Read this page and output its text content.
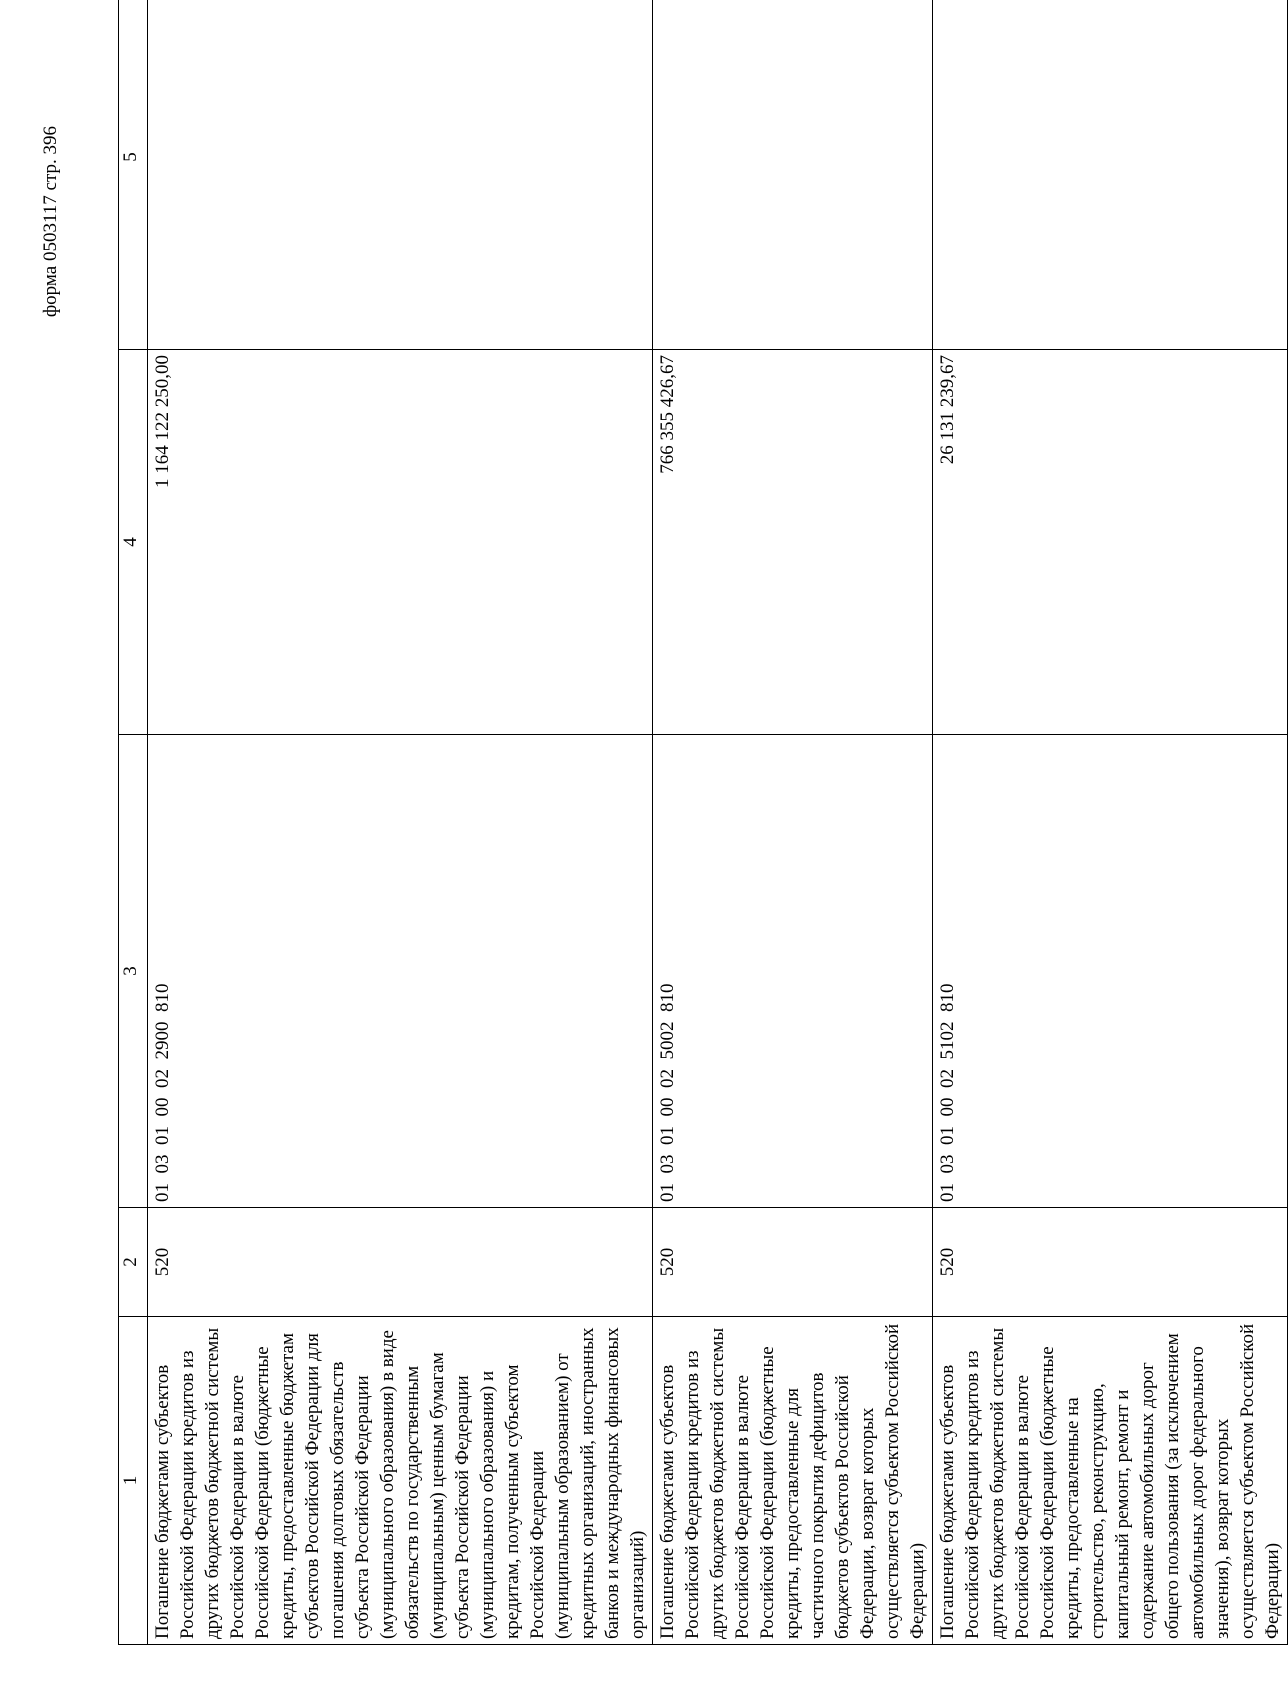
форма 0503117 стр. 396
1	2	3	4	5	
Погашение бюджетами субъектов Российской Федерации кредитов из других бюджетов бюджетной системы Российской Федерации в валюте Российской Федерации (бюджетные кредиты, предоставленные бюджетам субъектов Российской Федерации для погашения долговых обязательств субъекта Российской Федерации (муниципального образования) в виде обязательств по государственным (муниципальным) ценным бумагам субъекта Российской Федерации (муниципального образования) и кредитам, полученным субъектом Российской Федерации (муниципальным образованием) от кредитных организаций, иностранных банков и международных финансовых организаций)	520	01  03  01  00  02  2900  810	1 164 122 250,00		
Погашение бюджетами субъектов Российской Федерации кредитов из других бюджетов бюджетной системы Российской Федерации в валюте Российской Федерации (бюджетные кредиты, предоставленные для частичного покрытия дефицитов бюджетов субъектов Российской Федерации, возврат которых осуществляется субъектом Российской Федерации)	520	01  03  01  00  02  5002  810	766 355 426,67		
Погашение бюджетами субъектов Российской Федерации кредитов из других бюджетов бюджетной системы Российской Федерации в валюте Российской Федерации (бюджетные кредиты, предоставленные на строительство, реконструкцию, капитальный ремонт, ремонт и содержание автомобильных дорог общего пользования (за исключением автомобильных дорог федерального значения), возврат которых осуществляется субъектом Российской Федерации)	520	01  03  01  00  02  5102  810	26 131 239,67		
